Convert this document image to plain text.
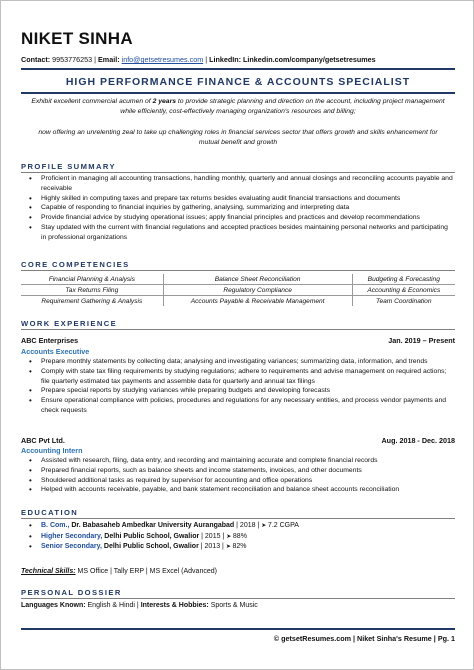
NIKET SINHA
Contact: 9953776253 | Email: info@getsetresumes.com | LinkedIn: Linkedin.com/company/getsetresumes
HIGH PERFORMANCE FINANCE & ACCOUNTS SPECIALIST
Exhibit excellent commercial acumen of 2 years to provide strategic planning and direction on the account, including project management while efficiently, cost-effectively managing organization's resources and billing;
now offering an unrelenting zeal to take up challenging roles in financial services sector that offers growth and skills enhancement for mutual benefit and growth
PROFILE SUMMARY
• Proficient in managing all accounting transactions, handling monthly, quarterly and annual closings and reconciling accounts payable and receivable
• Highly skilled in computing taxes and prepare tax returns besides evaluating audit financial transactions and documents
• Capable of responding to financial inquiries by gathering, analysing, summarizing and interpreting data
• Provide financial advice by studying operational issues; apply financial principles and practices and develop recommendations
• Stay updated with the current with financial regulations and accepted practices besides maintaining personal networks and participating in professional organizations
CORE COMPETENCIES
Financial Planning & Analysis	Balance Sheet Reconciliation	Budgeting & Forecasting
Tax Returns Filing	Regulatory Compliance	Accounting & Economics
Requirement Gathering & Analysis	Accounts Payable & Receivable Management	Team Coordination
WORK EXPERIENCE
ABC Enterprises	Jan. 2019 – Present
Accounts Executive
• Prepare monthly statements by collecting data; analysing and investigating variances; summarizing data, information, and trends
• Comply with state tax filing requirements by studying regulations; adhere to requirements and advise management on required actions; file quarterly estimated tax payments and assemble data for quarterly and annual tax filings
• Prepare special reports by studying variances while preparing budgets and developing forecasts
• Ensure operational compliance with policies, procedures and regulations for any necessary entities, and process vendor payments and check requests
ABC Pvt Ltd.	Aug. 2018 - Dec. 2018
Accounting Intern
• Assisted with research, filing, data entry, and recording and maintaining accurate and complete financial records
• Prepared financial reports, such as balance sheets and income statements, invoices, and other documents
• Shouldered additional tasks as required by supervisor for accounting and office operations
• Helped with accounts receivable, payable, and bank statement reconciliation and balance sheet accounts reconciliation
EDUCATION
• B. Com., Dr. Babasaheb Ambedkar University Aurangabad | 2018 | ➤ 7.2 CGPA
• Higher Secondary, Delhi Public School, Gwalior | 2015 | ➤ 88%
• Senior Secondary, Delhi Public School, Gwalior | 2013 | ➤ 82%
Technical Skills: MS Office | Tally ERP | MS Excel (Advanced)
PERSONAL DOSSIER
Languages Known: English & Hindi | Interests & Hobbies: Sports & Music
© getsetResumes.com | Niket Sinha's Resume | Pg. 1
